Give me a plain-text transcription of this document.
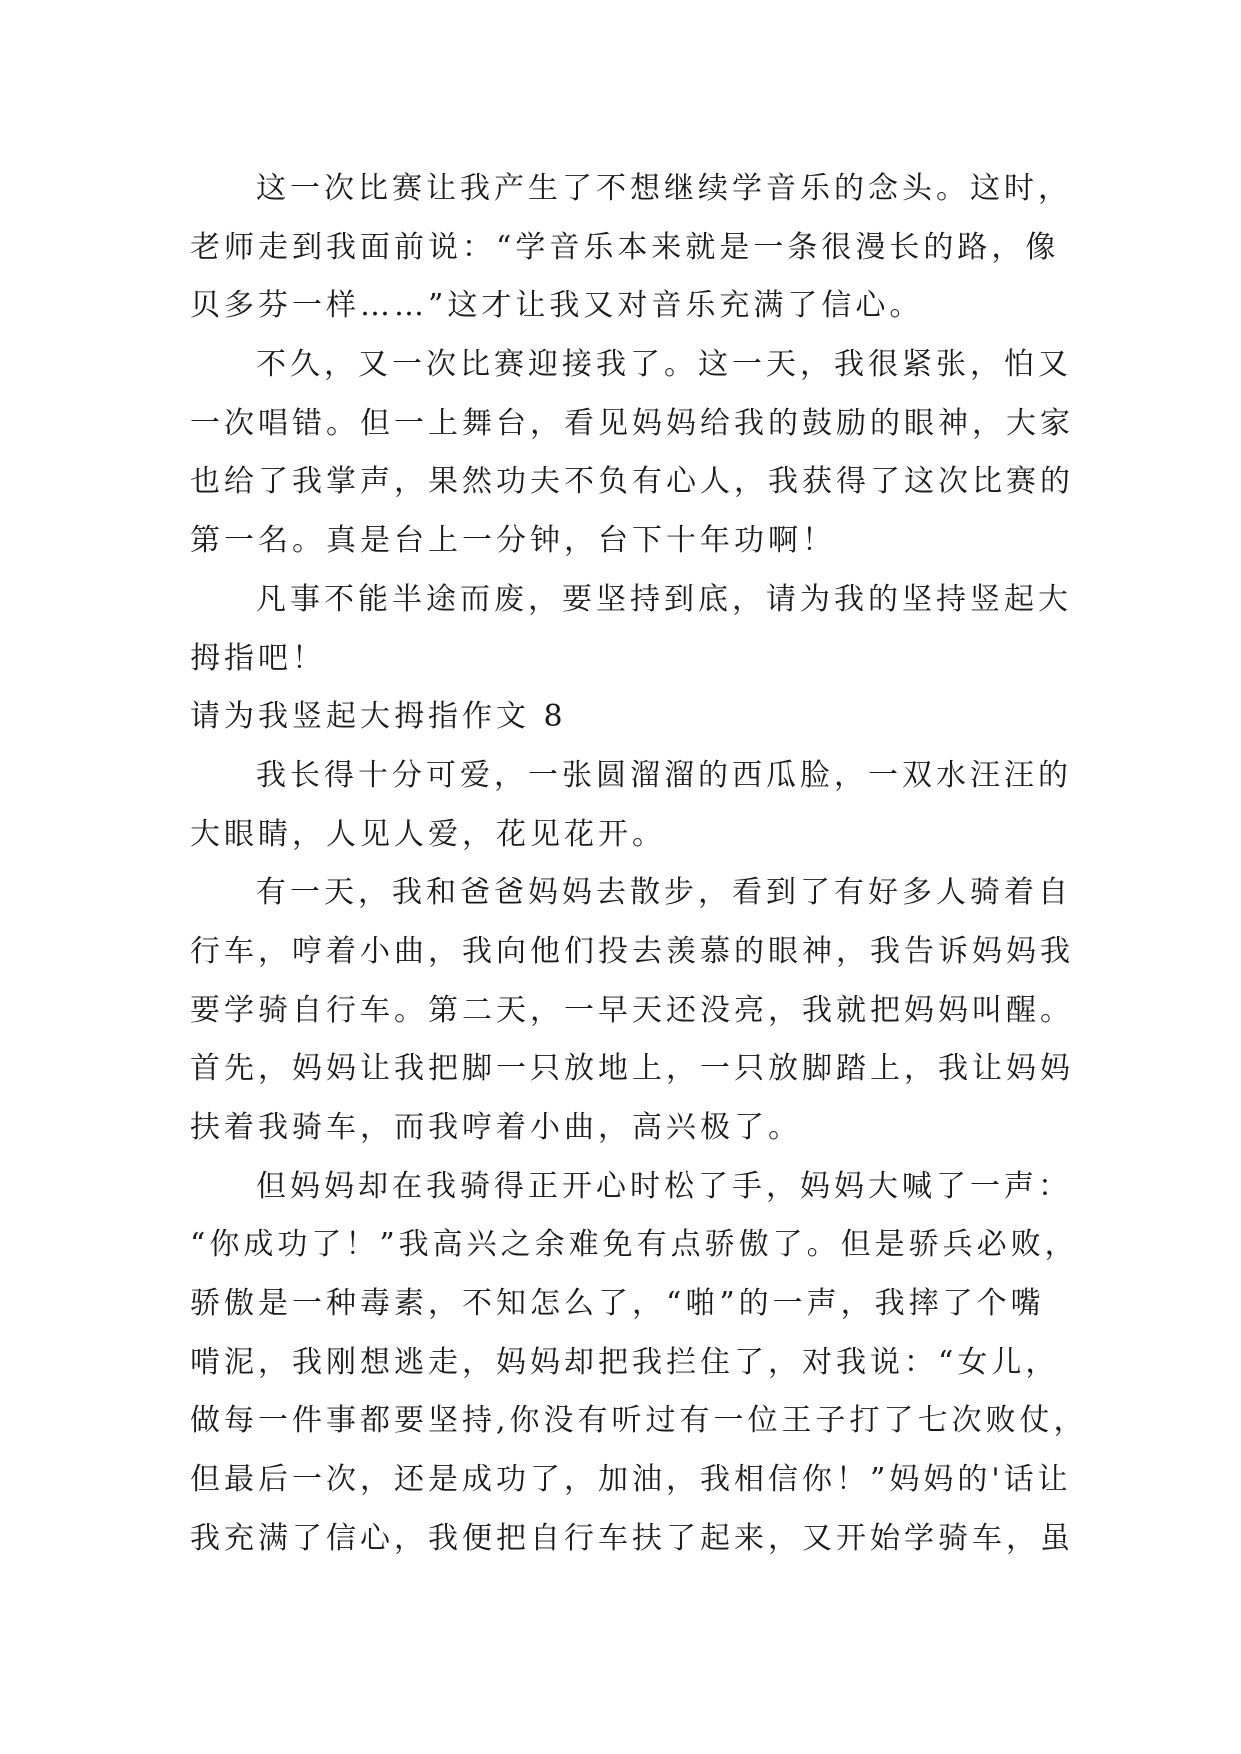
这一次比赛让我产生了不想继续学音乐的念头。这时，
老师走到我面前说：“学音乐本来就是一条很漫长的路，像
贝多芬一样……”这才让我又对音乐充满了信心。
不久，又一次比赛迎接我了。这一天，我很紧张，怕又
一次唱错。但一上舞台，看见妈妈给我的鼓励的眼神，大家
也给了我掌声，果然功夫不负有心人，我获得了这次比赛的
第一名。真是台上一分钟，台下十年功啊！
凡事不能半途而废，要坚持到底，请为我的坚持竖起大
拇指吧！
请为我竖起大拇指作文 8
我长得十分可爱，一张圆溜溜的西瓜脸，一双水汪汪的
大眼睛，人见人爱，花见花开。
有一天，我和爸爸妈妈去散步，看到了有好多人骑着自
行车，哼着小曲，我向他们投去羡慕的眼神，我告诉妈妈我
要学骑自行车。第二天，一早天还没亮，我就把妈妈叫醒。
首先，妈妈让我把脚一只放地上，一只放脚踏上，我让妈妈
扶着我骑车，而我哼着小曲，高兴极了。
但妈妈却在我骑得正开心时松了手，妈妈大喊了一声：
“你成功了！”我高兴之余难免有点骄傲了。但是骄兵必败，
骄傲是一种毒素，不知怎么了，“啪”的一声，我摔了个嘴
啃泥，我刚想逃走，妈妈却把我拦住了，对我说：“女儿，
做每一件事都要坚持,你没有听过有一位王子打了七次败仗，
但最后一次，还是成功了，加油，我相信你！”妈妈的'话让
我充满了信心，我便把自行车扶了起来，又开始学骑车，虽
